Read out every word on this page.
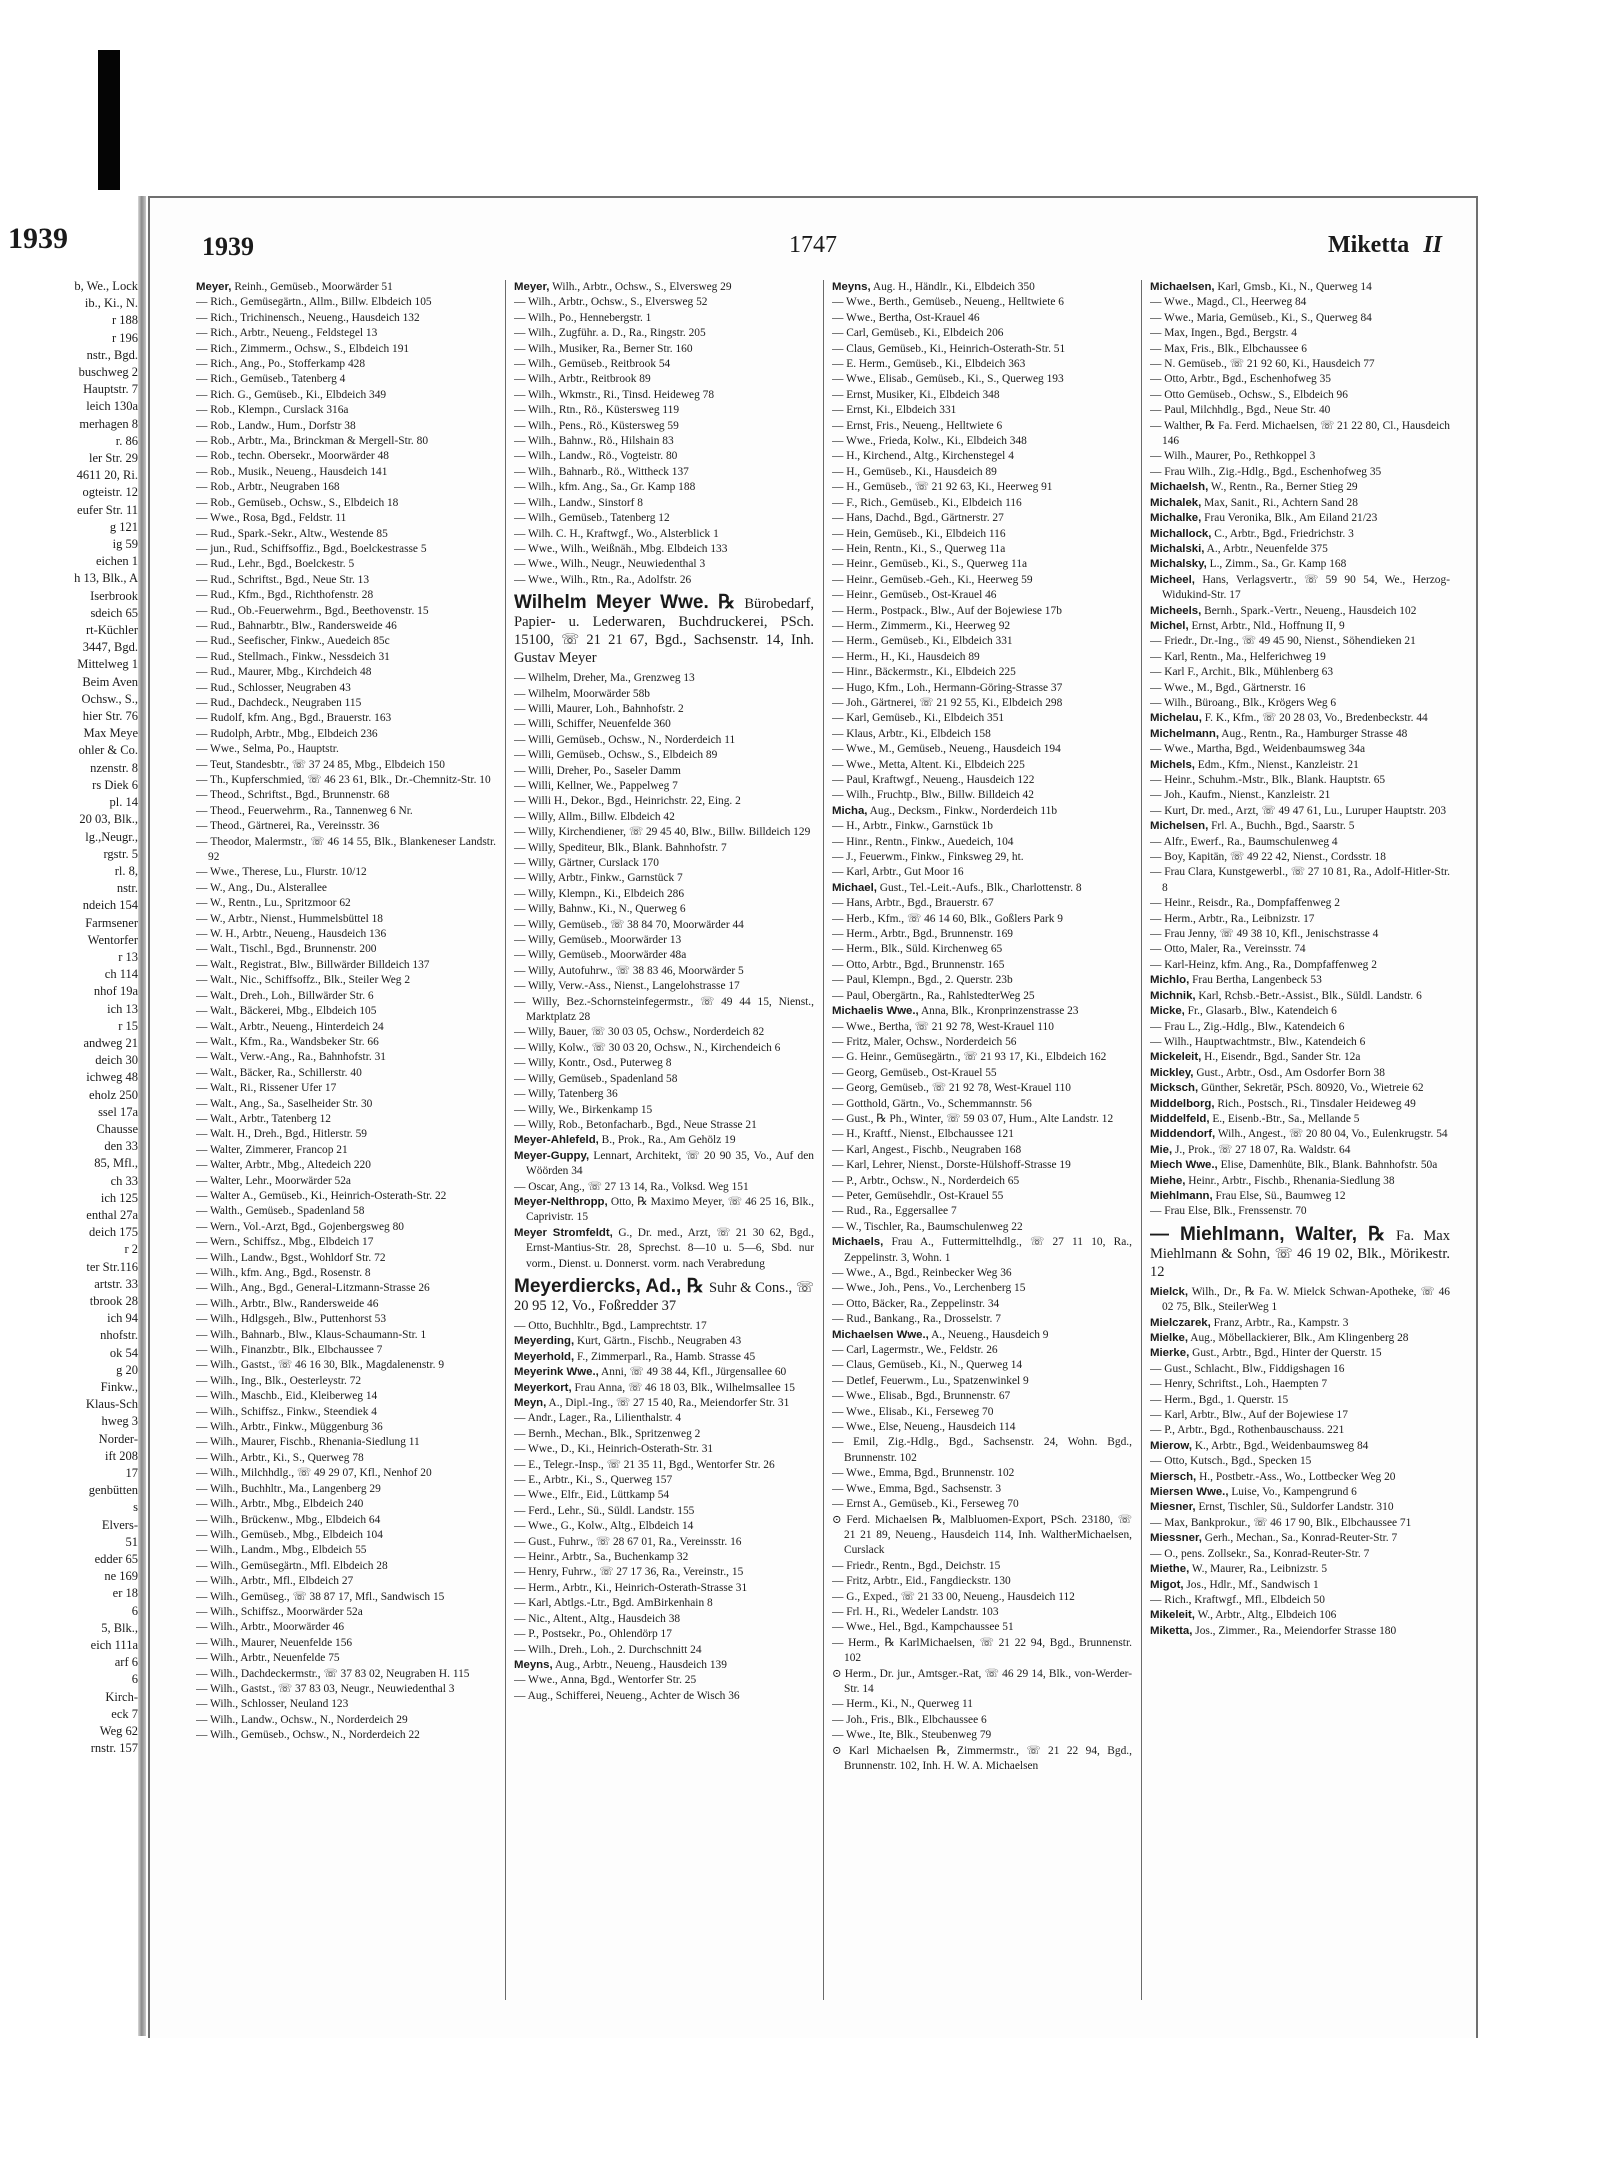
1939
b, We., Lock
ib., Ki., N.
r 188
r 196
nstr., Bgd.
buschweg 2
Hauptstr. 7
leich 130a
merhagen 8
r. 86
ler Str. 29
4611 20, Ri.
ogteistr. 12
eufer Str. 11
g 121
ig 59
eichen 1
h 13, Blk., A
Iserbrook
sdeich 65
rt-Küchler
3447, Bgd.
Mittelweg 1
Beim Aven
Ochsw., S.,
hier Str. 76
Max Meye
ohler & Co.
nzenstr. 8
rs Diek 6
pl. 14
20 03, Blk.,
lg.,Neugr.,
rgstr. 5
rl. 8,
nstr.
ndeich 154
Farmsener
Wentorfer
r 13
ch 114
nhof 19a
ich 13
r 15
andweg 21
deich 30
ichweg 48
eholz 250
ssel 17a
Chausse
den 33
85, Mfl.,
ch 33
ich 125
enthal 27a
deich 175
r 2
ter Str.116
artstr. 33
tbrook 28
ich 94
nhofstr.
ok 54
g 20
Finkw.,
Klaus-Sch
hweg 3
Norder-
ift 208
17
genbütten
s
Elvers-
51
edder 65
ne 169
er 18
6
5, Blk.,
eich 111a
arf 6
6
Kirch-
eck 7
Weg 62
rnstr. 157
1939	1747	Miketta II

Meyer, Reinh., Gemüseb., Moorwärder 51

— Rich., Gemüsegärtn., Allm., Billw. Elbdeich 105

— Rich., Trichinensch., Neueng., Hausdeich 132

— Rich., Arbtr., Neueng., Feldstegel 13

— Rich., Zimmerm., Ochsw., S., Elbdeich 191

— Rich., Ang., Po., Stofferkamp 428

— Rich., Gemüseb., Tatenberg 4

— Rich. G., Gemüseb., Ki., Elbdeich 349

— Rob., Klempn., Curslack 316a

— Rob., Landw., Hum., Dorfstr 38

— Rob., Arbtr., Ma., Brinckman & Mergell-Str. 80

— Rob., techn. Obersekr., Moorwärder 48

— Rob., Musik., Neueng., Hausdeich 141

— Rob., Arbtr., Neugraben 168

— Rob., Gemüseb., Ochsw., S., Elbdeich 18

— Wwe., Rosa, Bgd., Feldstr. 11

— Rud., Spark.-Sekr., Altw., Westende 85

— jun., Rud., Schiffsoffiz., Bgd., Boelckestrasse 5

— Rud., Lehr., Bgd., Boelckestr. 5

— Rud., Schriftst., Bgd., Neue Str. 13

— Rud., Kfm., Bgd., Richthofenstr. 28

— Rud., Ob.-Feuerwehrm., Bgd., Beethovenstr. 15

— Rud., Bahnarbtr., Blw., Randersweide 46

— Rud., Seefischer, Finkw., Auedeich 85c

— Rud., Stellmach., Finkw., Nessdeich 31

— Rud., Maurer, Mbg., Kirchdeich 48

— Rud., Schlosser, Neugraben 43

— Rud., Dachdeck., Neugraben 115

— Rudolf, kfm. Ang., Bgd., Brauerstr. 163

— Rudolph, Arbtr., Mbg., Elbdeich 236

— Wwe., Selma, Po., Hauptstr.

— Teut, Standesbtr., ☏ 37 24 85, Mbg., Elbdeich 150

— Th., Kupferschmied, ☏ 46 23 61, Blk., Dr.-Chemnitz-Str. 10

— Theod., Schriftst., Bgd., Brunnenstr. 68

— Theod., Feuerwehrm., Ra., Tannenweg 6 Nr.

— Theod., Gärtnerei, Ra., Vereinsstr. 36

— Theodor, Malermstr., ☏ 46 14 55, Blk., Blankeneser Landstr. 92

— Wwe., Therese, Lu., Flurstr. 10/12

— W., Ang., Du., Alsterallee

— W., Rentn., Lu., Spritzmoor 62

— W., Arbtr., Nienst., Hummelsbüttel 18

— W. H., Arbtr., Neueng., Hausdeich 136

— Walt., Tischl., Bgd., Brunnenstr. 200

— Walt., Registrat., Blw., Billwärder Billdeich 137

— Walt., Nic., Schiffsoffz., Blk., Steiler Weg 2

— Walt., Dreh., Loh., Billwärder Str. 6

— Walt., Bäckerei, Mbg., Elbdeich 105

— Walt., Arbtr., Neueng., Hinterdeich 24

— Walt., Kfm., Ra., Wandsbeker Str. 66

— Walt., Verw.-Ang., Ra., Bahnhofstr. 31

— Walt., Bäcker, Ra., Schillerstr. 40

— Walt., Ri., Rissener Ufer 17

— Walt., Ang., Sa., Saselheider Str. 30

— Walt., Arbtr., Tatenberg 12

— Walt. H., Dreh., Bgd., Hitlerstr. 59

— Walter, Zimmerer, Francop 21

— Walter, Arbtr., Mbg., Altedeich 220

— Walter, Lehr., Moorwärder 52a

— Walter A., Gemüseb., Ki., Heinrich-Osterath-Str. 22

— Walth., Gemüseb., Spadenland 58

— Wern., Vol.-Arzt, Bgd., Gojenbergsweg 80

— Wern., Schiffsz., Mbg., Elbdeich 17

— Wilh., Landw., Bgst., Wohldorf Str. 72

— Wilh., kfm. Ang., Bgd., Rosenstr. 8

— Wilh., Ang., Bgd., General-Litzmann-Strasse 26

— Wilh., Arbtr., Blw., Randersweide 46

— Wilh., Hdlgsgeh., Blw., Puttenhorst 53

— Wilh., Bahnarb., Blw., Klaus-Schaumann-Str. 1

— Wilh., Finanzbtr., Blk., Elbchaussee 7

— Wilh., Gastst., ☏ 46 16 30, Blk., Magdalenenstr. 9

— Wilh., Ing., Blk., Oesterleystr. 72

— Wilh., Maschb., Eid., Kleiberweg 14

— Wilh., Schiffsz., Finkw., Steendiek 4

— Wilh., Arbtr., Finkw., Müggenburg 36

— Wilh., Maurer, Fischb., Rhenania-Siedlung 11

— Wilh., Arbtr., Ki., S., Querweg 78

— Wilh., Milchhdlg., ☏ 49 29 07, Kfl., Nenhof 20

— Wilh., Buchhltr., Ma., Langenberg 29

— Wilh., Arbtr., Mbg., Elbdeich 240

— Wilh., Brückenw., Mbg., Elbdeich 64

— Wilh., Gemüseb., Mbg., Elbdeich 104

— Wilh., Landm., Mbg., Elbdeich 55

— Wilh., Gemüsegärtn., Mfl. Elbdeich 28

— Wilh., Arbtr., Mfl., Elbdeich 27

— Wilh., Gemüseg., ☏ 38 87 17, Mfl., Sandwisch 15

— Wilh., Schiffsz., Moorwärder 52a

— Wilh., Arbtr., Moorwärder 46

— Wilh., Maurer, Neuenfelde 156

— Wilh., Arbtr., Neuenfelde 75

— Wilh., Dachdeckermstr., ☏ 37 83 02, Neugraben H. 115

— Wilh., Gastst., ☏ 37 83 03, Neugr., Neuwiedenthal 3

— Wilh., Schlosser, Neuland 123

— Wilh., Landw., Ochsw., N., Norderdeich 29

— Wilh., Gemüseb., Ochsw., N., Norderdeich 22

Meyer, Wilh., Arbtr., Ochsw., S., Elversweg 29

— Wilh., Arbtr., Ochsw., S., Elversweg 52

— Wilh., Po., Hennebergstr. 1

— Wilh., Zugführ. a. D., Ra., Ringstr. 205

— Wilh., Musiker, Ra., Berner Str. 160

— Wilh., Gemüseb., Reitbrook 54

— Wilh., Arbtr., Reitbrook 89

— Wilh., Wkmstr., Ri., Tinsd. Heideweg 78

— Wilh., Rtn., Rö., Küstersweg 119

— Wilh., Pens., Rö., Küstersweg 59

— Wilh., Bahnw., Rö., Hilshain 83

— Wilh., Landw., Rö., Vogteistr. 80

— Wilh., Bahnarb., Rö., Wittheck 137

— Wilh., kfm. Ang., Sa., Gr. Kamp 188

— Wilh., Landw., Sinstorf 8

— Wilh., Gemüseb., Tatenberg 12

— Wilh. C. H., Kraftwgf., Wo., Alsterblick 1

— Wwe., Wilh., Weißnäh., Mbg. Elbdeich 133

— Wwe., Wilh., Neugr., Neuwiedenthal 3

— Wwe., Wilh., Rtn., Ra., Adolfstr. 26

Wilhelm Meyer Wwe. ℞ Bürobedarf, Papier- u. Lederwaren, Buchdruckerei, PSch. 15100, ☏ 21 21 67, Bgd., Sachsenstr. 14, Inh. Gustav Meyer

— Wilhelm, Dreher, Ma., Grenzweg 13

— Wilhelm, Moorwärder 58b

— Willi, Maurer, Loh., Bahnhofstr. 2

— Willi, Schiffer, Neuenfelde 360

— Willi, Gemüseb., Ochsw., N., Norderdeich 11

— Willi, Gemüseb., Ochsw., S., Elbdeich 89

— Willi, Dreher, Po., Saseler Damm

— Willi, Kellner, We., Pappelweg 7

— Willi H., Dekor., Bgd., Heinrichstr. 22, Eing. 2

— Willy, Allm., Billw. Elbdeich 42

— Willy, Kirchendiener, ☏ 29 45 40, Blw., Billw. Billdeich 129

— Willy, Spediteur, Blk., Blank. Bahnhofstr. 7

— Willy, Gärtner, Curslack 170

— Willy, Arbtr., Finkw., Garnstück 7

— Willy, Klempn., Ki., Elbdeich 286

— Willy, Bahnw., Ki., N., Querweg 6

— Willy, Gemüseb., ☏ 38 84 70, Moorwärder 44

— Willy, Gemüseb., Moorwärder 13

— Willy, Gemüseb., Moorwärder 48a

— Willy, Autofuhrw., ☏ 38 83 46, Moorwärder 5

— Willy, Verw.-Ass., Nienst., Langelohstrasse 17

— Willy, Bez.-Schornsteinfegermstr., ☏ 49 44 15, Nienst., Marktplatz 28

— Willy, Bauer, ☏ 30 03 05, Ochsw., Norderdeich 82

— Willy, Kolw., ☏ 30 03 20, Ochsw., N., Kirchendeich 6

— Willy, Kontr., Osd., Puterweg 8

— Willy, Gemüseb., Spadenland 58

— Willy, Tatenberg 36

— Willy, We., Birkenkamp 15

— Willy, Rob., Betonfacharb., Bgd., Neue Strasse 21

Meyer-Ahlefeld, B., Prok., Ra., Am Gehölz 19

Meyer-Guppy, Lennart, Architekt, ☏ 20 90 35, Vo., Auf den Wöörden 34

— Oscar, Ang., ☏ 27 13 14, Ra., Volksd. Weg 151

Meyer-Nelthropp, Otto, ℞ Maximo Meyer, ☏ 46 25 16, Blk., Caprivistr. 15

Meyer Stromfeldt, G., Dr. med., Arzt, ☏ 21 30 62, Bgd., Ernst-Mantius-Str. 28, Sprechst. 8—10 u. 5—6, Sbd. nur vorm., Dienst. u. Donnerst. vorm. nach Verabredung

Meyerdiercks, Ad., ℞ Suhr & Cons., ☏ 20 95 12, Vo., Foßredder 37

— Otto, Buchhltr., Bgd., Lamprechtstr. 17

Meyerding, Kurt, Gärtn., Fischb., Neugraben 43

Meyerhold, F., Zimmerparl., Ra., Hamb. Strasse 45

Meyerink Wwe., Anni, ☏ 49 38 44, Kfl., Jürgensallee 60

Meyerkort, Frau Anna, ☏ 46 18 03, Blk., Wilhelmsallee 15

Meyn, A., Dipl.-Ing., ☏ 27 15 40, Ra., Meiendorfer Str. 31

— Andr., Lager., Ra., Lilienthalstr. 4

— Bernh., Mechan., Blk., Spritzenweg 2

— Wwe., D., Ki., Heinrich-Osterath-Str. 31

— E., Telegr.-Insp., ☏ 21 35 11, Bgd., Wentorfer Str. 26

— E., Arbtr., Ki., S., Querweg 157

— Wwe., Elfr., Eid., Lüttkamp 54

— Ferd., Lehr., Sü., Süldl. Landstr. 155

— Wwe., G., Kolw., Altg., Elbdeich 14

— Gust., Fuhrw., ☏ 28 67 01, Ra., Vereinsstr. 16

— Heinr., Arbtr., Sa., Buchenkamp 32

— Henry, Fuhrw., ☏ 27 17 36, Ra., Vereinstr., 15

— Herm., Arbtr., Ki., Heinrich-Osterath-Strasse 31

— Karl, Abtlgs.-Ltr., Bgd. AmBirkenhain 8

— Nic., Altent., Altg., Hausdeich 38

— P., Postsekr., Po., Ohlendörp 17

— Wilh., Dreh., Loh., 2. Durchschnitt 24

Meyns, Aug., Arbtr., Neueng., Hausdeich 139

— Wwe., Anna, Bgd., Wentorfer Str. 25

— Aug., Schifferei, Neueng., Achter de Wisch 36

Meyns, Aug. H., Händlr., Ki., Elbdeich 350

— Wwe., Berth., Gemüseb., Neueng., Helltwiete 6

— Wwe., Bertha, Ost-Krauel 46

— Carl, Gemüseb., Ki., Elbdeich 206

— Claus, Gemüseb., Ki., Heinrich-Osterath-Str. 51

— E. Herm., Gemüseb., Ki., Elbdeich 363

— Wwe., Elisab., Gemüseb., Ki., S., Querweg 193

— Ernst, Musiker, Ki., Elbdeich 348

— Ernst, Ki., Elbdeich 331

— Ernst, Fris., Neueng., Helltwiete 6

— Wwe., Frieda, Kolw., Ki., Elbdeich 348

— H., Kirchend., Altg., Kirchenstegel 4

— H., Gemüseb., Ki., Hausdeich 89

— H., Gemüseb., ☏ 21 92 63, Ki., Heerweg 91

— F., Rich., Gemüseb., Ki., Elbdeich 116

— Hans, Dachd., Bgd., Gärtnerstr. 27

— Hein, Gemüseb., Ki., Elbdeich 116

— Hein, Rentn., Ki., S., Querweg 11a

— Heinr., Gemüseb., Ki., S., Querweg 11a

— Heinr., Gemüseb.-Geh., Ki., Heerweg 59

— Heinr., Gemüseb., Ost-Krauel 46

— Herm., Postpack., Blw., Auf der Bojewiese 17b

— Herm., Zimmerm., Ki., Heerweg 92

— Herm., Gemüseb., Ki., Elbdeich 331

— Herm., H., Ki., Hausdeich 89

— Hinr., Bäckermstr., Ki., Elbdeich 225

— Hugo, Kfm., Loh., Hermann-Göring-Strasse 37

— Joh., Gärtnerei, ☏ 21 92 55, Ki., Elbdeich 298

— Karl, Gemüseb., Ki., Elbdeich 351

— Klaus, Arbtr., Ki., Elbdeich 158

— Wwe., M., Gemüseb., Neueng., Hausdeich 194

— Wwe., Metta, Altent. Ki., Elbdeich 225

— Paul, Kraftwgf., Neueng., Hausdeich 122

— Wilh., Fruchtp., Blw., Billw. Billdeich 42

Micha, Aug., Decksm., Finkw., Norderdeich 11b

— H., Arbtr., Finkw., Garnstück 1b

— Hinr., Rentn., Finkw., Auedeich, 104

— J., Feuerwm., Finkw., Finksweg 29, ht.

— Karl, Arbtr., Gut Moor 16

Michael, Gust., Tel.-Leit.-Aufs., Blk., Charlottenstr. 8

— Hans, Arbtr., Bgd., Brauerstr. 67

— Herb., Kfm., ☏ 46 14 60, Blk., Goßlers Park 9

— Herm., Arbtr., Bgd., Brunnenstr. 169

— Herm., Blk., Süld. Kirchenweg 65

— Otto, Arbtr., Bgd., Brunnenstr. 165

— Paul, Klempn., Bgd., 2. Querstr. 23b

— Paul, Obergärtn., Ra., RahlstedterWeg 25

Michaelis Wwe., Anna, Blk., Kronprinzenstrasse 23

— Wwe., Bertha, ☏ 21 92 78, West-Krauel 110

— Fritz, Maler, Ochsw., Norderdeich 56

— G. Heinr., Gemüsegärtn., ☏ 21 93 17, Ki., Elbdeich 162

— Georg, Gemüseb., Ost-Krauel 55

— Georg, Gemüseb., ☏ 21 92 78, West-Krauel 110

— Gotthold, Gärtn., Vo., Schemmannstr. 56

— Gust., ℞ Ph., Winter, ☏ 59 03 07, Hum., Alte Landstr. 12

— H., Kraftf., Nienst., Elbchaussee 121

— Karl, Angest., Fischb., Neugraben 168

— Karl, Lehrer, Nienst., Dorste-Hülshoff-Strasse 19

— P., Arbtr., Ochsw., N., Norderdeich 65

— Peter, Gemüsehdlr., Ost-Krauel 55

— Rud., Ra., Eggersallee 7

— W., Tischler, Ra., Baumschulenweg 22

Michaels, Frau A., Futtermittelhdlg., ☏ 27 11 10, Ra., Zeppelinstr. 3, Wohn. 1

— Wwe., A., Bgd., Reinbecker Weg 36

— Wwe., Joh., Pens., Vo., Lerchenberg 15

— Otto, Bäcker, Ra., Zeppelinstr. 34

— Rud., Bankang., Ra., Drosselstr. 7

Michaelsen Wwe., A., Neueng., Hausdeich 9

— Carl, Lagermstr., We., Feldstr. 26

— Claus, Gemüseb., Ki., N., Querweg 14

— Detlef, Feuerwm., Lu., Spatzenwinkel 9

— Wwe., Elisab., Bgd., Brunnenstr. 67

— Wwe., Elisab., Ki., Ferseweg 70

— Wwe., Else, Neueng., Hausdeich 114

— Emil, Zig.-Hdlg., Bgd., Sachsenstr. 24, Wohn. Bgd., Brunnenstr. 102

— Wwe., Emma, Bgd., Brunnenstr. 102

— Wwe., Emma, Bgd., Sachsenstr. 3

— Ernst A., Gemüseb., Ki., Ferseweg 70

⊙ Ferd. Michaelsen ℞, Malbluomen-Export, PSch. 23180, ☏ 21 21 89, Neueng., Hausdeich 114, Inh. WaltherMichaelsen, Curslack

— Friedr., Rentn., Bgd., Deichstr. 15

— Fritz, Arbtr., Eid., Fangdieckstr. 130

— G., Exped., ☏ 21 33 00, Neueng., Hausdeich 112

— Frl. H., Ri., Wedeler Landstr. 103

— Wwe., Hel., Bgd., Kampchaussee 51

— Herm., ℞ KarlMichaelsen, ☏ 21 22 94, Bgd., Brunnenstr. 102

⊙ Herm., Dr. jur., Amtsger.-Rat, ☏ 46 29 14, Blk., von-Werder-Str. 14

— Herm., Ki., N., Querweg 11

— Joh., Fris., Blk., Elbchaussee 6

— Wwe., Ite, Blk., Steubenweg 79

⊙ Karl Michaelsen ℞, Zimmermstr., ☏ 21 22 94, Bgd., Brunnenstr. 102, Inh. H. W. A. Michaelsen

Michaelsen, Karl, Gmsb., Ki., N., Querweg 14

— Wwe., Magd., Cl., Heerweg 84

— Wwe., Maria, Gemüseb., Ki., S., Querweg 84

— Max, Ingen., Bgd., Bergstr. 4

— Max, Fris., Blk., Elbchaussee 6

— N. Gemüseb., ☏ 21 92 60, Ki., Hausdeich 77

— Otto, Arbtr., Bgd., Eschenhofweg 35

— Otto Gemüseb., Ochsw., S., Elbdeich 96

— Paul, Milchhdlg., Bgd., Neue Str. 40

— Walther, ℞ Fa. Ferd. Michaelsen, ☏ 21 22 80, Cl., Hausdeich 146

— Wilh., Maurer, Po., Rethkoppel 3

— Frau Wilh., Zig.-Hdlg., Bgd., Eschenhofweg 35

Michaelsh, W., Rentn., Ra., Berner Stieg 29

Michalek, Max, Sanit., Ri., Achtern Sand 28

Michalke, Frau Veronika, Blk., Am Eiland 21/23

Michallock, C., Arbtr., Bgd., Friedrichstr. 3

Michalski, A., Arbtr., Neuenfelde 375

Michalsky, L., Zimm., Sa., Gr. Kamp 168

Micheel, Hans, Verlagsvertr., ☏ 59 90 54, We., Herzog-Widukind-Str. 17

Micheels, Bernh., Spark.-Vertr., Neueng., Hausdeich 102

Michel, Ernst, Arbtr., Nld., Hoffnung II, 9

— Friedr., Dr.-Ing., ☏ 49 45 90, Nienst., Söhendieken 21

— Karl, Rentn., Ma., Helferichweg 19

— Karl F., Archit., Blk., Mühlenberg 63

— Wwe., M., Bgd., Gärtnerstr. 16

— Wilh., Büroang., Blk., Krögers Weg 6

Michelau, F. K., Kfm., ☏ 20 28 03, Vo., Bredenbeckstr. 44

Michelmann, Aug., Rentn., Ra., Hamburger Strasse 48

— Wwe., Martha, Bgd., Weidenbaumsweg 34a

Michels, Edm., Kfm., Nienst., Kanzleistr. 21

— Heinr., Schuhm.-Mstr., Blk., Blank. Hauptstr. 65

— Joh., Kaufm., Nienst., Kanzleistr. 21

— Kurt, Dr. med., Arzt, ☏ 49 47 61, Lu., Luruper Hauptstr. 203

Michelsen, Frl. A., Buchh., Bgd., Saarstr. 5

— Alfr., Ewerf., Ra., Baumschulenweg 4

— Boy, Kapitän, ☏ 49 22 42, Nienst., Cordsstr. 18

— Frau Clara, Kunstgewerbl., ☏ 27 10 81, Ra., Adolf-Hitler-Str. 8

— Heinr., Reisdr., Ra., Dompfaffenweg 2

— Herm., Arbtr., Ra., Leibnizstr. 17

— Frau Jenny, ☏ 49 38 10, Kfl., Jenischstrasse 4

— Otto, Maler, Ra., Vereinsstr. 74

— Karl-Heinz, kfm. Ang., Ra., Dompfaffenweg 2

Michlo, Frau Bertha, Langenbeck 53

Michnik, Karl, Rchsb.-Betr.-Assist., Blk., Süldl. Landstr. 6

Micke, Fr., Glasarb., Blw., Katendeich 6

— Frau L., Zig.-Hdlg., Blw., Katendeich 6

— Wilh., Hauptwachtmstr., Blw., Katendeich 6

Mickeleit, H., Eisendr., Bgd., Sander Str. 12a

Mickley, Gust., Arbtr., Osd., Am Osdorfer Born 38

Micksch, Günther, Sekretär, PSch. 80920, Vo., Wietreie 62

Middelborg, Rich., Postsch., Ri., Tinsdaler Heideweg 49

Middelfeld, E., Eisenb.-Btr., Sa., Mellande 5

Middendorf, Wilh., Angest., ☏ 20 80 04, Vo., Eulenkrugstr. 54

Mie, J., Prok., ☏ 27 18 07, Ra. Waldstr. 64

Miech Wwe., Elise, Damenhüte, Blk., Blank. Bahnhofstr. 50a

Miehe, Heinr., Arbtr., Fischb., Rhenania-Siedlung 38

Miehlmann, Frau Else, Sü., Baumweg 12

— Frau Else, Blk., Frenssenstr. 70

— Miehlmann, Walter, ℞ Fa. Max Miehlmann & Sohn, ☏ 46 19 02, Blk., Mörikestr. 12

Mielck, Wilh., Dr., ℞ Fa. W. Mielck Schwan-Apotheke, ☏ 46 02 75, Blk., SteilerWeg 1

Mielczarek, Franz, Arbtr., Ra., Kampstr. 3

Mielke, Aug., Möbellackierer, Blk., Am Klingenberg 28

Mierke, Gust., Arbtr., Bgd., Hinter der Querstr. 15

— Gust., Schlacht., Blw., Fiddigshagen 16

— Henry, Schriftst., Loh., Haempten 7

— Herm., Bgd., 1. Querstr. 15

— Karl, Arbtr., Blw., Auf der Bojewiese 17

— P., Arbtr., Bgd., Rothenbauschauss. 221

Mierow, K., Arbtr., Bgd., Weidenbaumsweg 84

— Otto, Kutsch., Bgd., Specken 15

Miersch, H., Postbetr.-Ass., Wo., Lottbecker Weg 20

Miersen Wwe., Luise, Vo., Kampengrund 6

Miesner, Ernst, Tischler, Sü., Suldorfer Landstr. 310

— Max, Bankprokur., ☏ 46 17 90, Blk., Elbchaussee 71

Miessner, Gerh., Mechan., Sa., Konrad-Reuter-Str. 7

— O., pens. Zollsekr., Sa., Konrad-Reuter-Str. 7

Miethe, W., Maurer, Ra., Leibnizstr. 5

Migot, Jos., Hdlr., Mf., Sandwisch 1

— Rich., Kraftwgf., Mfl., Elbdeich 50

Mikeleit, W., Arbtr., Altg., Elbdeich 106

Miketta, Jos., Zimmer., Ra., Meiendorfer Strasse 180
